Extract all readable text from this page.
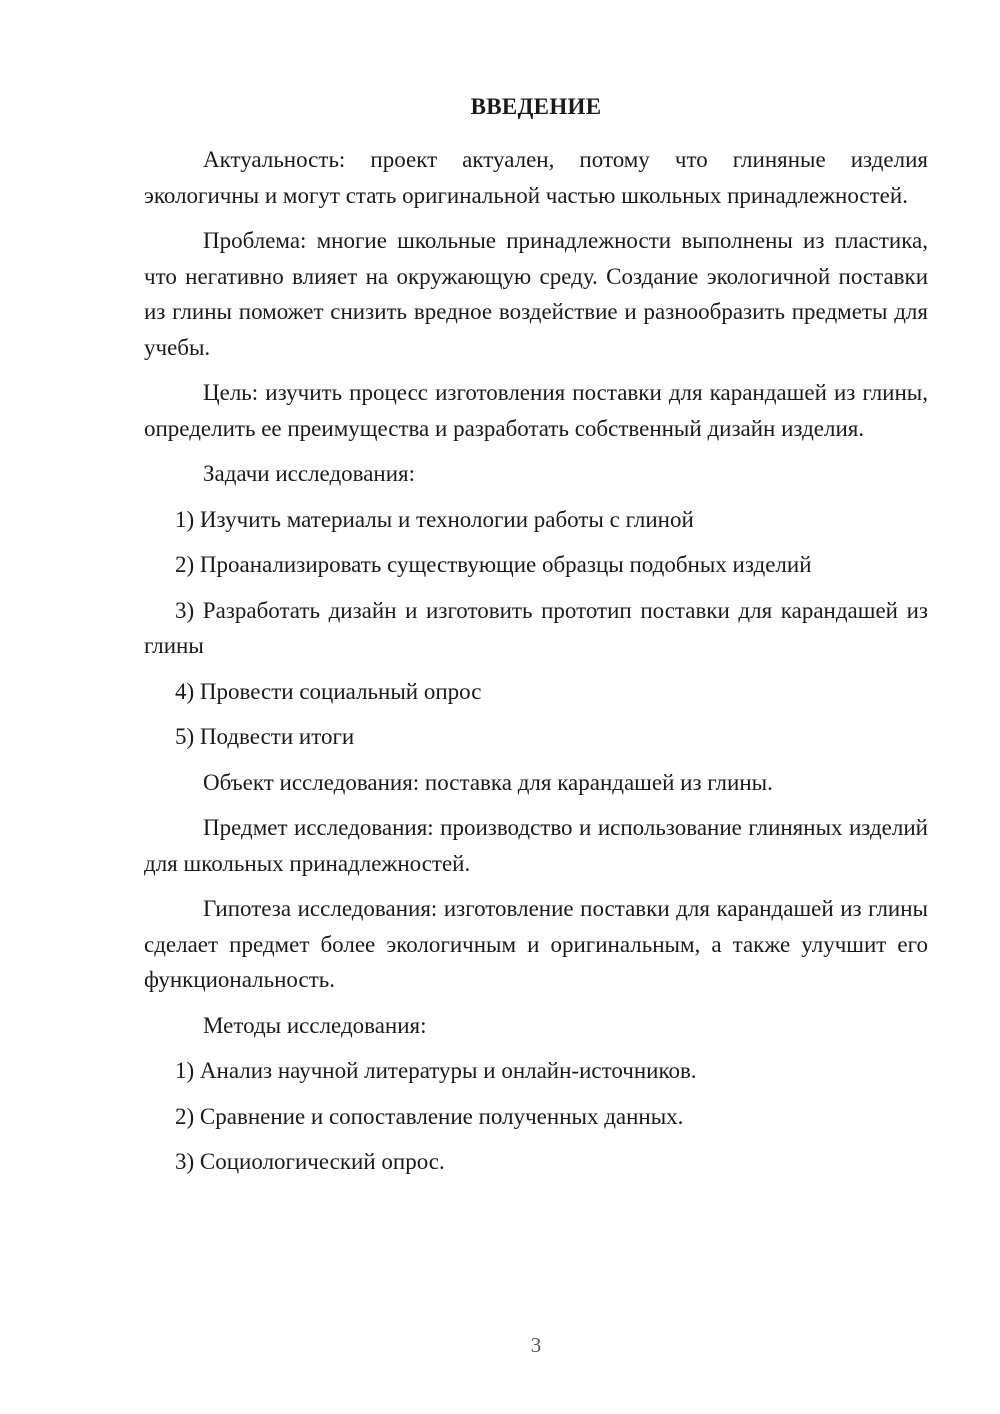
ВВЕДЕНИЕ

Актуальность: проект актуален, потому что глиняные изделия экологичны и могут стать оригинальной частью школьных принадлежностей.

Проблема: многие школьные принадлежности выполнены из пластика, что негативно влияет на окружающую среду. Создание экологичной поставки из глины поможет снизить вредное воздействие и разнообразить предметы для учебы.

Цель: изучить процесс изготовления поставки для карандашей из глины, определить ее преимущества и разработать собственный дизайн изделия.

Задачи исследования:

1) Изучить материалы и технологии работы с глиной

2) Проанализировать существующие образцы подобных изделий

3) Разработать дизайн и изготовить прототип поставки для карандашей из глины

4) Провести социальный опрос

5) Подвести итоги

Объект исследования: поставка для карандашей из глины.

Предмет исследования: производство и использование глиняных изделий для школьных принадлежностей.

Гипотеза исследования: изготовление поставки для карандашей из глины сделает предмет более экологичным и оригинальным, а также улучшит его функциональность.

Методы исследования:

1) Анализ научной литературы и онлайн-источников.

2) Сравнение и сопоставление полученных данных.

3) Социологический опрос.

3
